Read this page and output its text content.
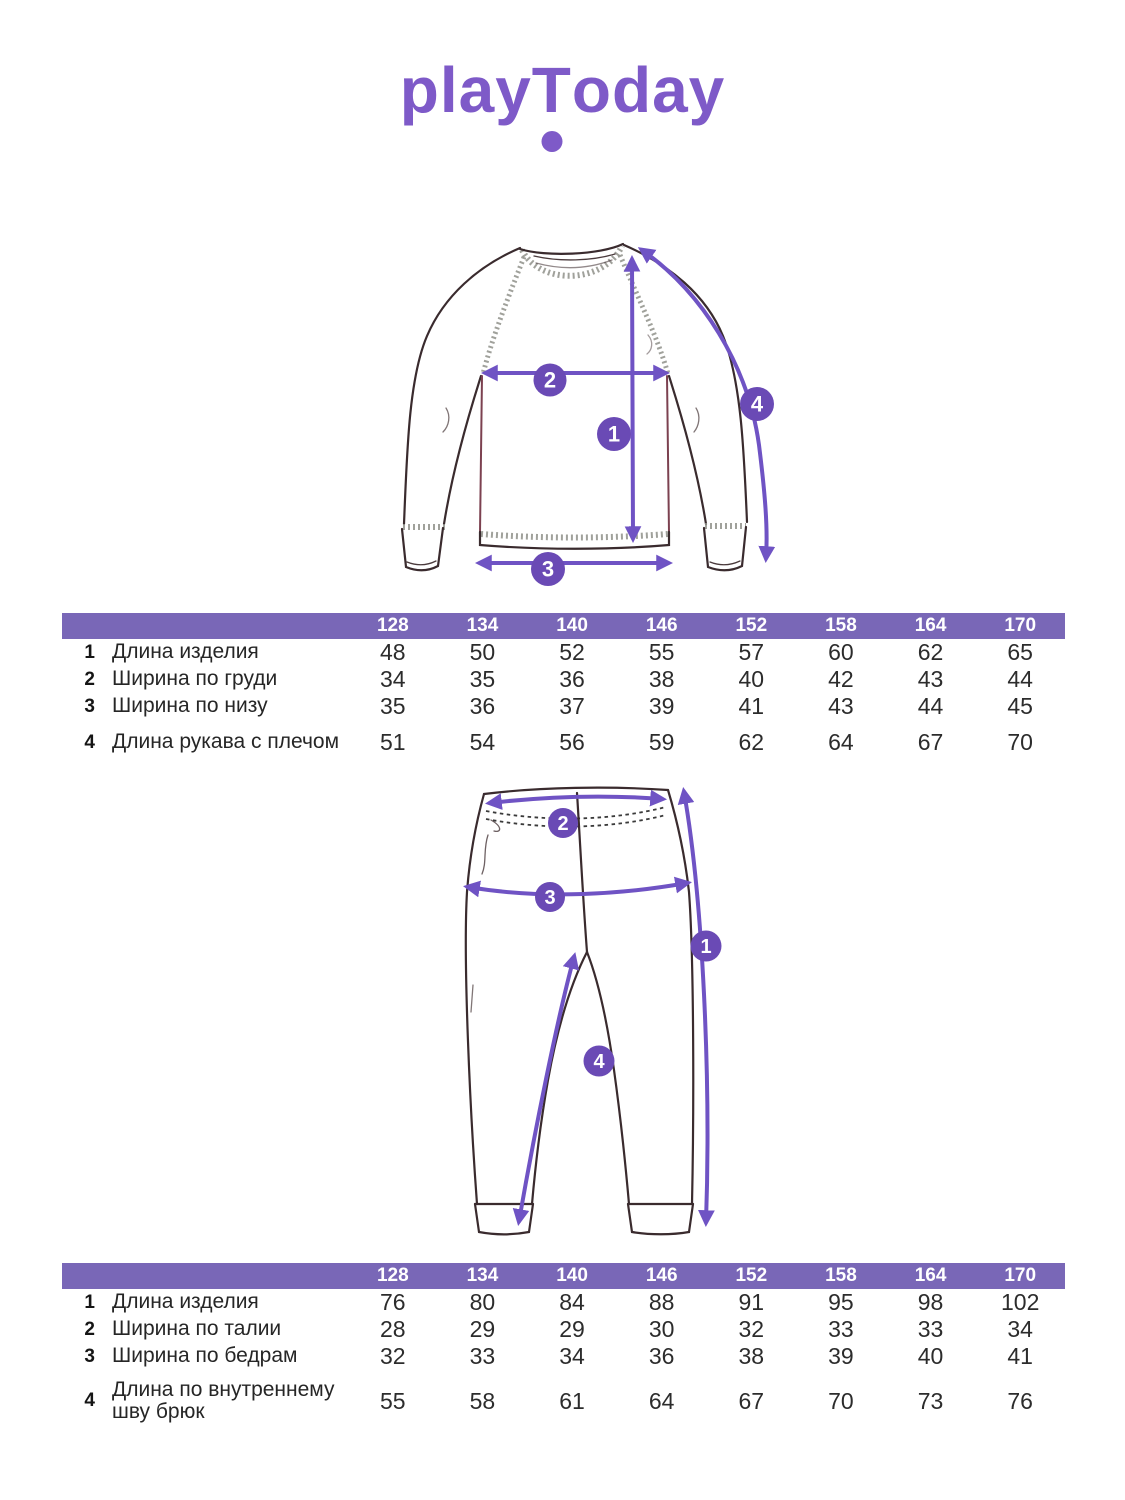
playT
oday
2
1
3
4
		128	134	140	146	152	158	164	170
1	Длина изделия	48	50	52	55	57	60	62	65
2	Ширина по груди	34	35	36	38	40	42	43	44
3	Ширина по низу	35	36	37	39	41	43	44	45
4	Длина рукава с плечом	51	54	56	59	62	64	67	70
2
3
1
4
		128	134	140	146	152	158	164	170
1	Длина изделия	76	80	84	88	91	95	98	102
2	Ширина по талии	28	29	29	30	32	33	33	34
3	Ширина по бедрам	32	33	34	36	38	39	40	41
4	Длина по внутреннему шву брюк	55	58	61	64	67	70	73	76
